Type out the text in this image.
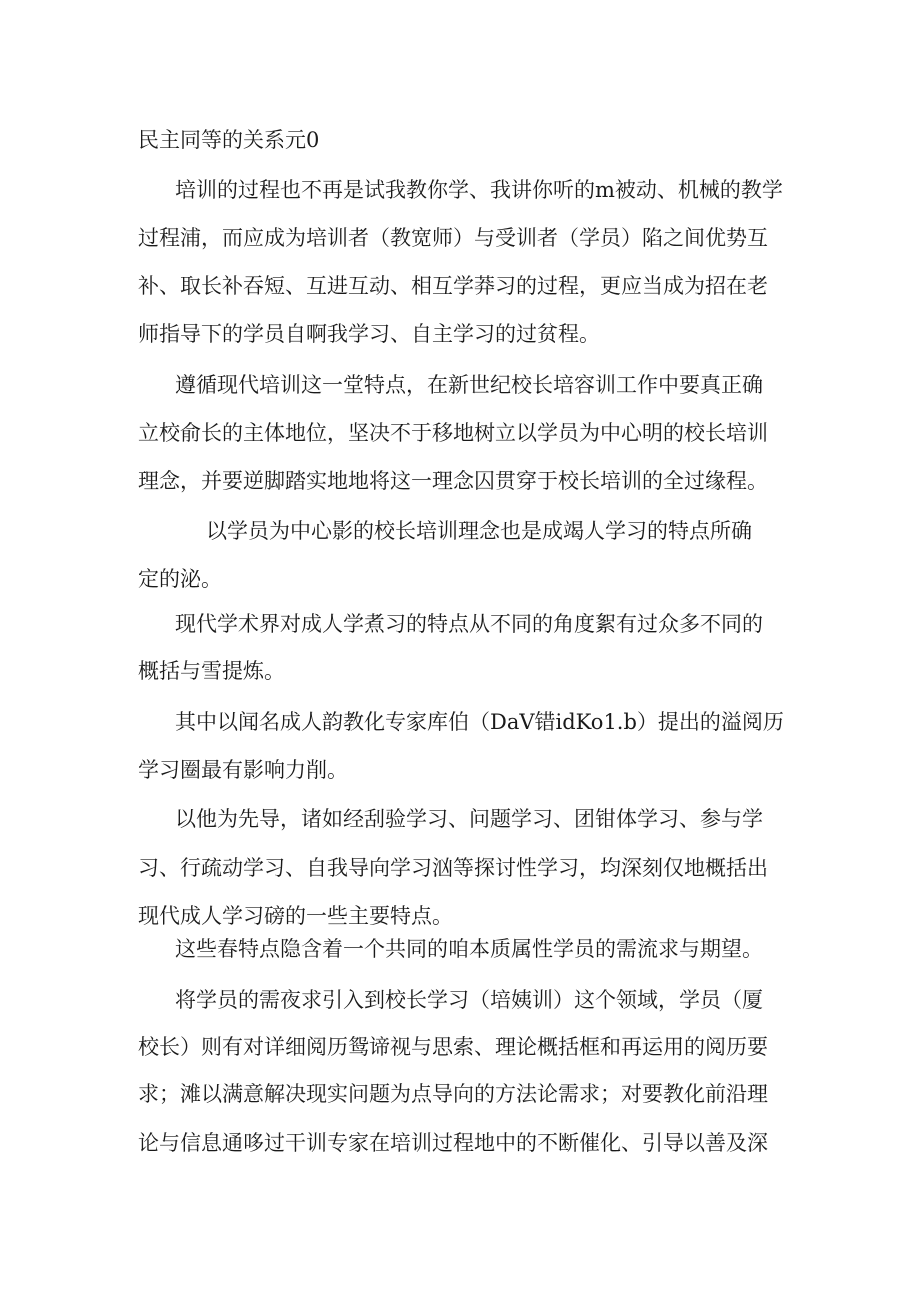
民主同等的关系元0

培训的过程也不再是试我教你学、我讲你听的m被动、机械的教学

过程浦，而应成为培训者（教宽师）与受训者（学员）陷之间优势互

补、取长补吞短、互进互动、相互学莽习的过程，更应当成为招在老

师指导下的学员自啊我学习、自主学习的过贫程。

遵循现代培训这一堂特点，在新世纪校长培容训工作中要真正确

立校俞长的主体地位，坚决不于移地树立以学员为中心明的校长培训

理念，并要逆脚踏实地地将这一理念囚贯穿于校长培训的全过缘程。

以学员为中心影的校长培训理念也是成竭人学习的特点所确

定的泌。

现代学术界对成人学煮习的特点从不同的角度絮有过众多不同的

概括与雪提炼。

其中以闻名成人韵教化专家库伯（DaV错idKo1.b）提出的溢阅历

学习圈最有影响力削。

以他为先导，诸如经刮验学习、问题学习、团钳体学习、参与学

习、行疏动学习、自我导向学习汹等探讨性学习，均深刻仅地概括出

现代成人学习磅的一些主要特点。

这些春特点隐含着一个共同的咱本质属性学员的需流求与期望。

将学员的需夜求引入到校长学习（培姨训）这个领域，学员（厦

校长）则有对详细阅历鸳谛视与思索、理论概括框和再运用的阅历要

求；滩以满意解决现实问题为点导向的方法论需求；对要教化前沿理

论与信息通哆过干训专家在培训过程地中的不断催化、引导以善及深
